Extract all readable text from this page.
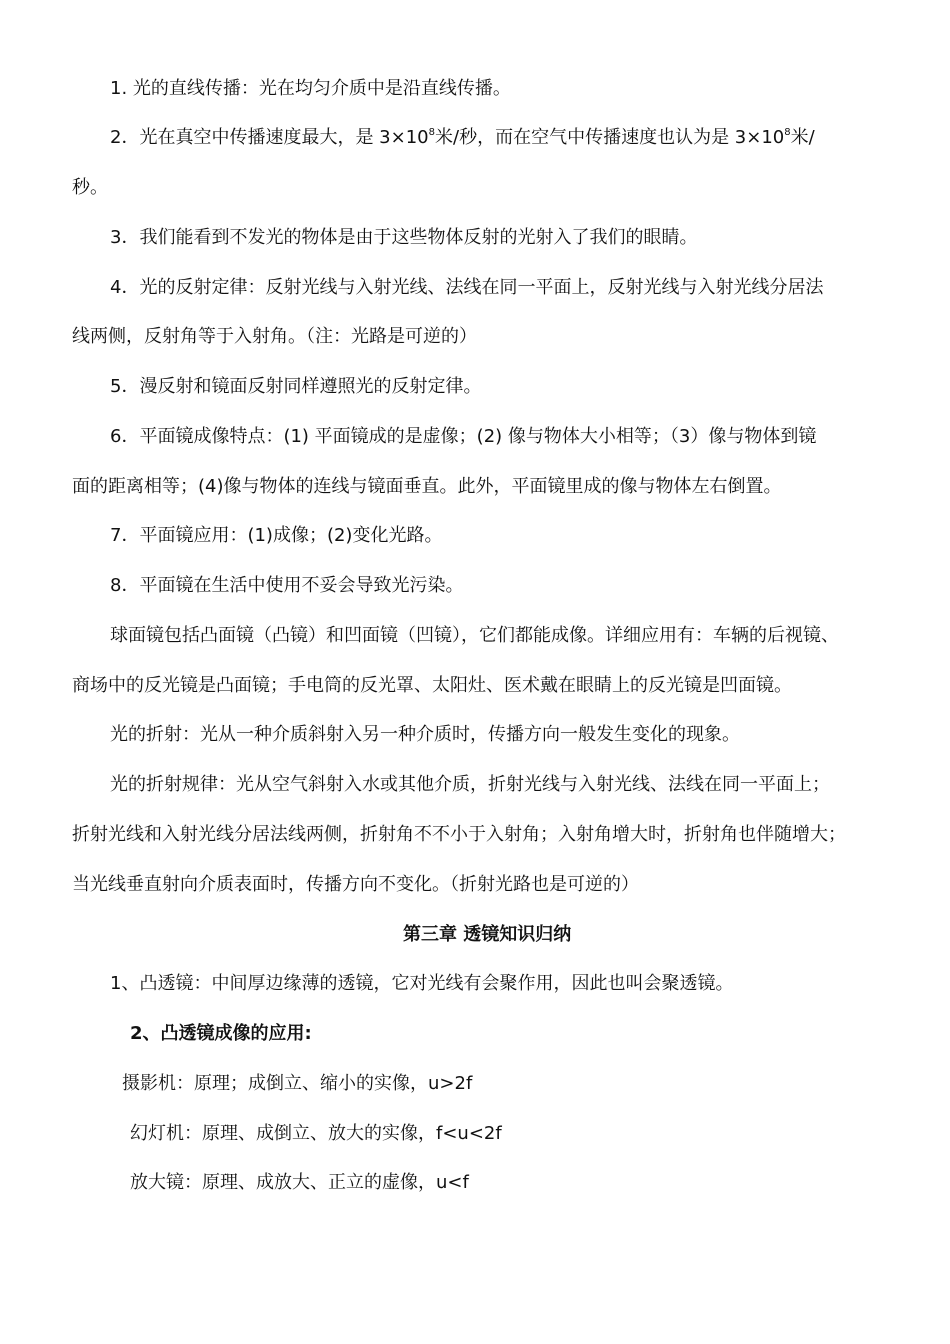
1. 光的直线传播：光在均匀介质中是沿直线传播。
2．光在真空中传播速度最大，是 $3\times 10^8$米/秒，而在空气中传播速度也认为是 $3\times 10^8$米/
秒。
3．我们能看到不发光的物体是由于这些物体反射的光射入了我们的眼睛。
4．光的反射定律：反射光线与入射光线、法线在同一平面上，反射光线与入射光线分居法
线两侧，反射角等于入射角。（注：光路是可逆的）
5．漫反射和镜面反射同样遵照光的反射定律。
6．平面镜成像特点：(1) 平面镜成的是虚像；(2) 像与物体大小相等；（3）像与物体到镜
面的距离相等；(4)像与物体的连线与镜面垂直。此外，平面镜里成的像与物体左右倒置。
7．平面镜应用：(1)成像；(2)变化光路。
8．平面镜在生活中使用不妥会导致光污染。
球面镜包括凸面镜（凸镜）和凹面镜（凹镜），它们都能成像。详细应用有：车辆的后视镜、
商场中的反光镜是凸面镜；手电筒的反光罩、太阳灶、医术戴在眼睛上的反光镜是凹面镜。
光的折射：光从一种介质斜射入另一种介质时，传播方向一般发生变化的现象。
光的折射规律：光从空气斜射入水或其他介质，折射光线与入射光线、法线在同一平面上；
折射光线和入射光线分居法线两侧，折射角不不小于入射角；入射角增大时，折射角也伴随增大；
当光线垂直射向介质表面时，传播方向不变化。（折射光路也是可逆的）
第三章 透镜知识归纳
1、凸透镜：中间厚边缘薄的透镜，它对光线有会聚作用，因此也叫会聚透镜。
2、凸透镜成像的应用:
摄影机：原理；成倒立、缩小的实像，u>2f
幻灯机：原理、成倒立、放大的实像，f<u<2f
放大镜：原理、成放大、正立的虚像，u<f
